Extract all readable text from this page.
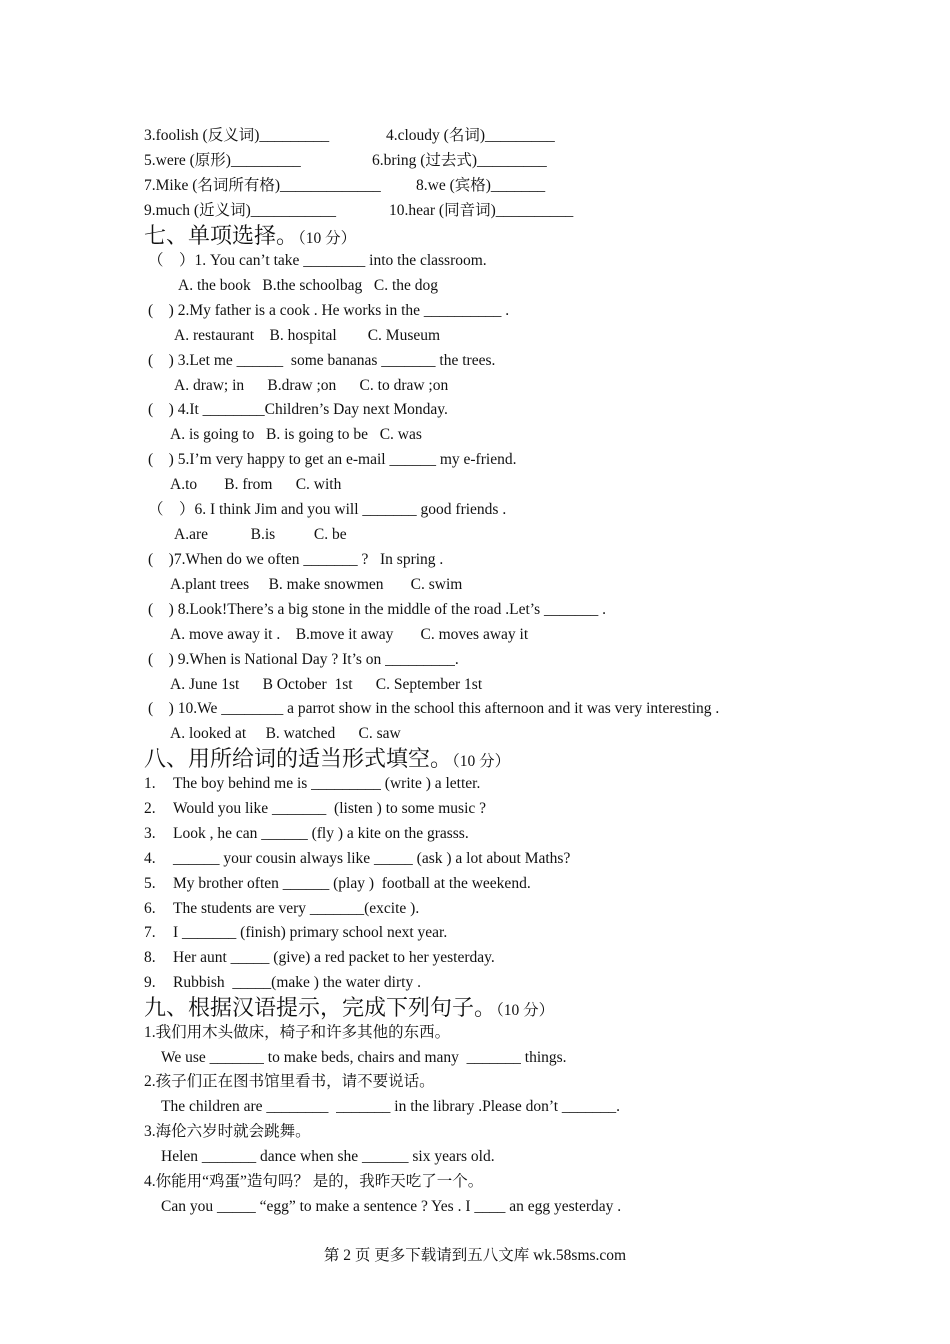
3.foolish (反义词)_________	4.cloudy (名词)_________
5.were (原形)_________	6.bring (过去式)_________
7.Mike (名词所有格)_____________ 8.we (宾格)_______
9.much (近义词)___________	10.hear (同音词)__________
七、单项选择。（10 分）
（    ）1. You can’t take ________ into the classroom.
A. the book   B.the schoolbag   C. the dog
(    ) 2.My father is a cook . He works in the __________ .
A. restaurant    B. hospital        C. Museum
(    ) 3.Let me ______  some bananas _______ the trees.
A. draw; in      B.draw ;on      C. to draw ;on
(    ) 4.It ________Children’s Day next Monday.
A. is going to   B. is going to be   C. was
(    ) 5.I’m very happy to get an e-mail ______ my e-friend.
A.to       B. from      C. with
（    ）6. I think Jim and you will _______ good friends .
A.are           B.is          C. be
(    )7.When do we often _______ ?   In spring .
A.plant trees     B. make snowmen       C. swim
(    ) 8.Look!There’s a big stone in the middle of the road .Let’s _______ .
A. move away it .    B.move it away       C. moves away it
(    ) 9.When is National Day ? It’s on _________.
A. June 1st      B October  1st      C. September 1st
(    ) 10.We ________ a parrot show in the school this afternoon and it was very interesting .
A. looked at     B. watched      C. saw
八、用所给词的适当形式填空。（10 分）
1. The boy behind me is _________ (write ) a letter.
2. Would you like _______  (listen ) to some music ?
3. Look , he can ______ (fly ) a kite on the grasss.
4. ______ your cousin always like _____ (ask ) a lot about Maths?
5. My brother often ______ (play )  football at the weekend.
6. The students are very _______(excite ).
7. I _______ (finish) primary school next year.
8. Her aunt _____ (give) a red packet to her yesterday.
9. Rubbish  _____(make ) the water dirty .
九、根据汉语提示，完成下列句子。（10 分）
1.我们用木头做床，椅子和许多其他的东西。
We use _______ to make beds, chairs and many  _______ things.
2.孩子们正在图书馆里看书，请不要说话。
The children are ________  _______ in the library .Please don’t _______.
3.海伦六岁时就会跳舞。
Helen _______ dance when she ______ six years old.
4.你能用“鸡蛋”造句吗？ 是的，我昨天吃了一个。
Can you _____ “egg” to make a sentence ? Yes . I ____ an egg yesterday .
第 2 页 更多下载请到五八文库 wk.58sms.com
